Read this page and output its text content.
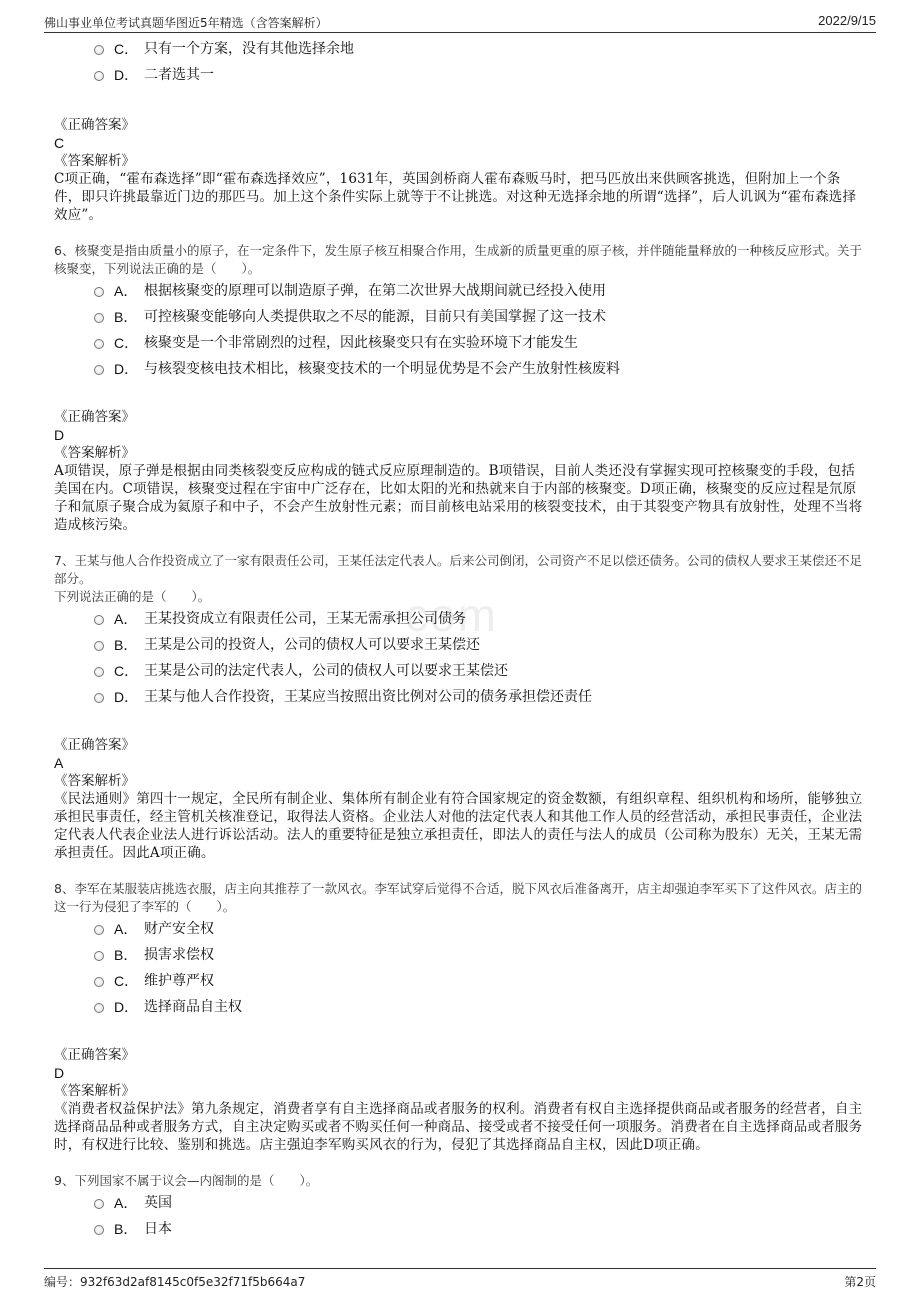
佛山事业单位考试真题华图近5年精选（含答案解析）	2022/9/15
com
C． 只有一个方案，没有其他选择余地
D． 二者选其一
《正确答案》
C
《答案解析》
C项正确，“霍布森选择”即“霍布森选择效应”，1631年，英国剑桥商人霍布森贩马时，把马匹放出来供顾客挑选，但附加上一个条件，即只许挑最靠近门边的那匹马。加上这个条件实际上就等于不让挑选。对这种无选择余地的所谓“选择”，后人讥讽为“霍布森选择效应”。
6、核聚变是指由质量小的原子，在一定条件下，发生原子核互相聚合作用，生成新的质量更重的原子核，并伴随能量释放的一种核反应形式。关于核聚变，下列说法正确的是（　　）。
A． 根据核聚变的原理可以制造原子弹，在第二次世界大战期间就已经投入使用
B． 可控核聚变能够向人类提供取之不尽的能源，目前只有美国掌握了这一技术
C． 核聚变是一个非常剧烈的过程，因此核聚变只有在实验环境下才能发生
D． 与核裂变核电技术相比，核聚变技术的一个明显优势是不会产生放射性核废料
《正确答案》
D
《答案解析》
A项错误，原子弹是根据由同类核裂变反应构成的链式反应原理制造的。B项错误，目前人类还没有掌握实现可控核聚变的手段，包括美国在内。C项错误，核聚变过程在宇宙中广泛存在，比如太阳的光和热就来自于内部的核聚变。D项正确，核聚变的反应过程是氘原子和氚原子聚合成为氦原子和中子，不会产生放射性元素；而目前核电站采用的核裂变技术，由于其裂变产物具有放射性，处理不当将造成核污染。
7、王某与他人合作投资成立了一家有限责任公司，王某任法定代表人。后来公司倒闭，公司资产不足以偿还债务。公司的债权人要求王某偿还不足部分。
下列说法正确的是（　　）。
A． 王某投资成立有限责任公司，王某无需承担公司债务
B． 王某是公司的投资人，公司的债权人可以要求王某偿还
C． 王某是公司的法定代表人，公司的债权人可以要求王某偿还
D． 王某与他人合作投资，王某应当按照出资比例对公司的债务承担偿还责任
《正确答案》
A
《答案解析》
《民法通则》第四十一规定，全民所有制企业、集体所有制企业有符合国家规定的资金数额，有组织章程、组织机构和场所，能够独立承担民事责任，经主管机关核准登记，取得法人资格。企业法人对他的法定代表人和其他工作人员的经营活动，承担民事责任，企业法定代表人代表企业法人进行诉讼活动。法人的重要特征是独立承担责任，即法人的责任与法人的成员（公司称为股东）无关，王某无需承担责任。因此A项正确。
8、李军在某服装店挑选衣服，店主向其推荐了一款风衣。李军试穿后觉得不合适，脱下风衣后准备离开，店主却强迫李军买下了这件风衣。店主的这一行为侵犯了李军的（　　）。
A． 财产安全权
B． 损害求偿权
C． 维护尊严权
D． 选择商品自主权
《正确答案》
D
《答案解析》
《消费者权益保护法》第九条规定，消费者享有自主选择商品或者服务的权利。消费者有权自主选择提供商品或者服务的经营者，自主选择商品品种或者服务方式，自主决定购买或者不购买任何一种商品、接受或者不接受任何一项服务。消费者在自主选择商品或者服务时，有权进行比较、鉴别和挑选。店主强迫李军购买风衣的行为，侵犯了其选择商品自主权，因此D项正确。
9、下列国家不属于议会—内阁制的是（　　）。
A． 英国
B． 日本
编号：932f63d2af8145c0f5e32f71f5b664a7	第2页
